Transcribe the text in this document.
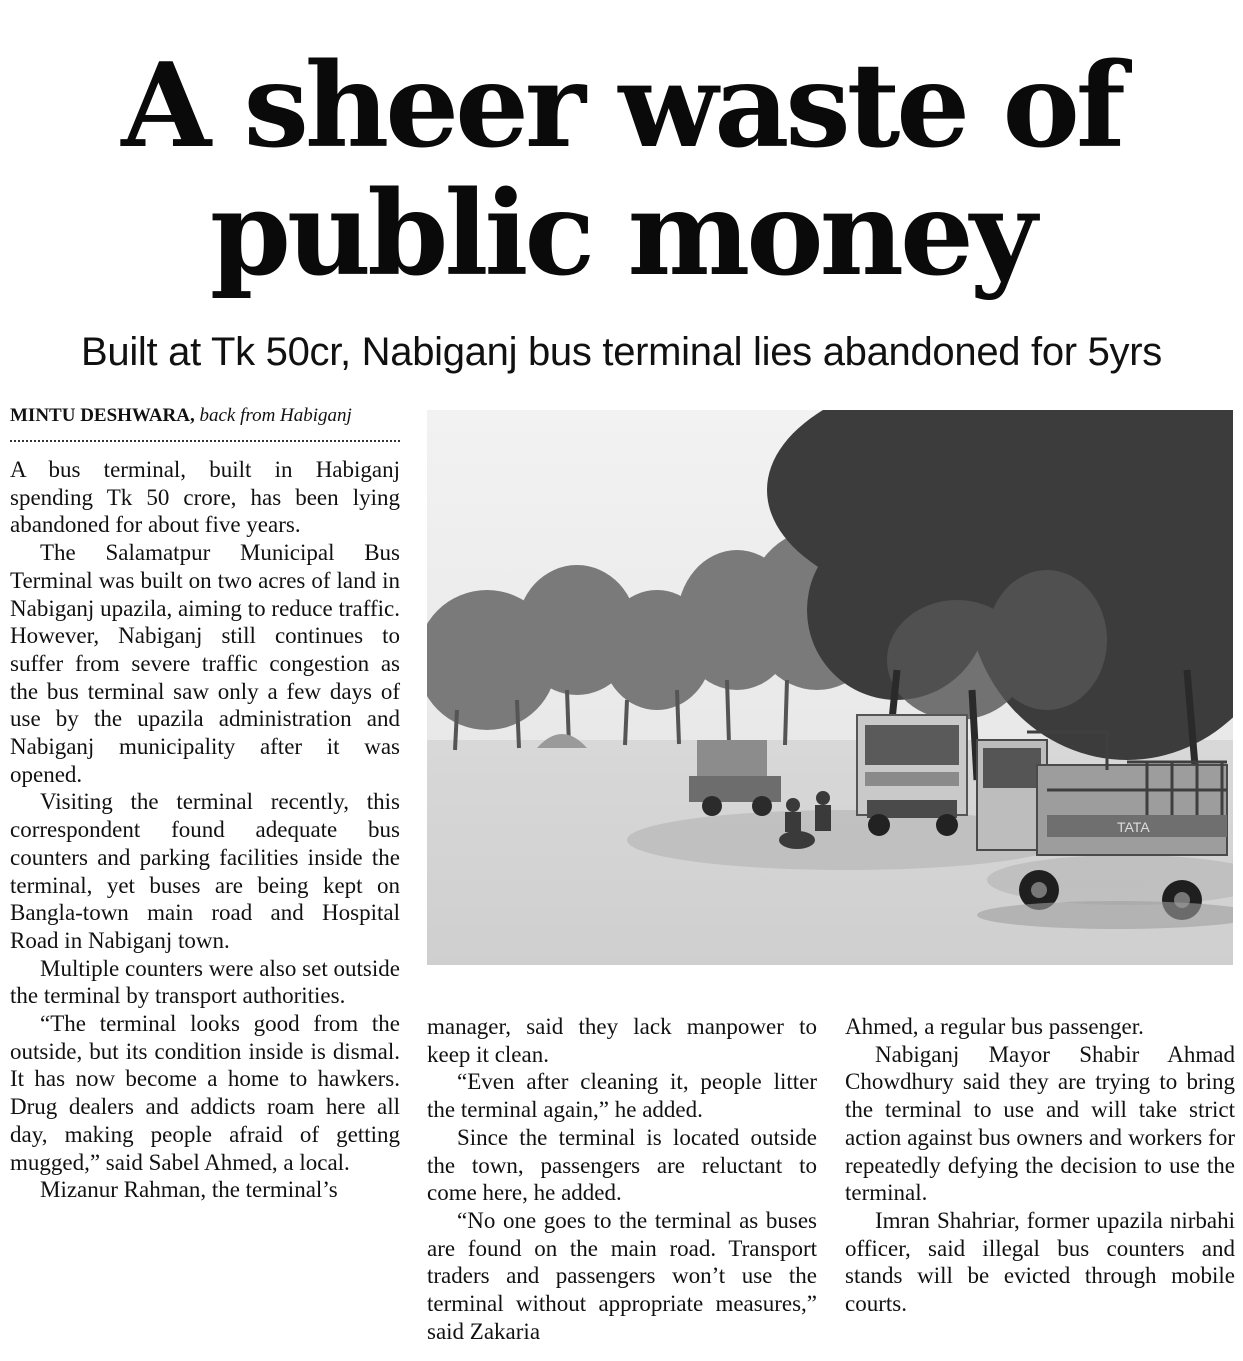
A sheer waste of
public money
Built at Tk 50cr, Nabiganj bus terminal lies abandoned for 5yrs
MINTU DESHWARA, back from Habiganj

A bus terminal, built in Habiganj spending Tk 50 crore, has been lying abandoned for about five years.

The Salamatpur Municipal Bus Terminal was built on two acres of land in Nabiganj upazila, aiming to reduce traffic. However, Nabiganj still continues to suffer from severe traffic congestion as the bus terminal saw only a few days of use by the upazila administration and Nabiganj municipality after it was opened.

Visiting the terminal recently, this correspondent found adequate bus counters and parking facilities inside the terminal, yet buses are being kept on Bangla-town main road and Hospital Road in Nabiganj town.

Multiple counters were also set outside the terminal by transport authorities.

“The terminal looks good from the outside, but its condition inside is dismal. It has now become a home to hawkers. Drug dealers and addicts roam here all day, making people afraid of getting mugged,” said Sabel Ahmed, a local.

Mizanur Rahman, the terminal’s

TATA

manager, said they lack manpower to keep it clean.

“Even after cleaning it, people litter the terminal again,” he added.

Since the terminal is located outside the town, passengers are reluctant to come here, he added.

“No one goes to the terminal as buses are found on the main road. Transport traders and passengers won’t use the terminal without appropriate measures,” said Zakaria

Ahmed, a regular bus passenger.

Nabiganj Mayor Shabir Ahmad Chowdhury said they are trying to bring the terminal to use and will take strict action against bus owners and workers for repeatedly defying the decision to use the terminal.

Imran Shahriar, former upazila nirbahi officer, said illegal bus counters and stands will be evicted through mobile courts.
